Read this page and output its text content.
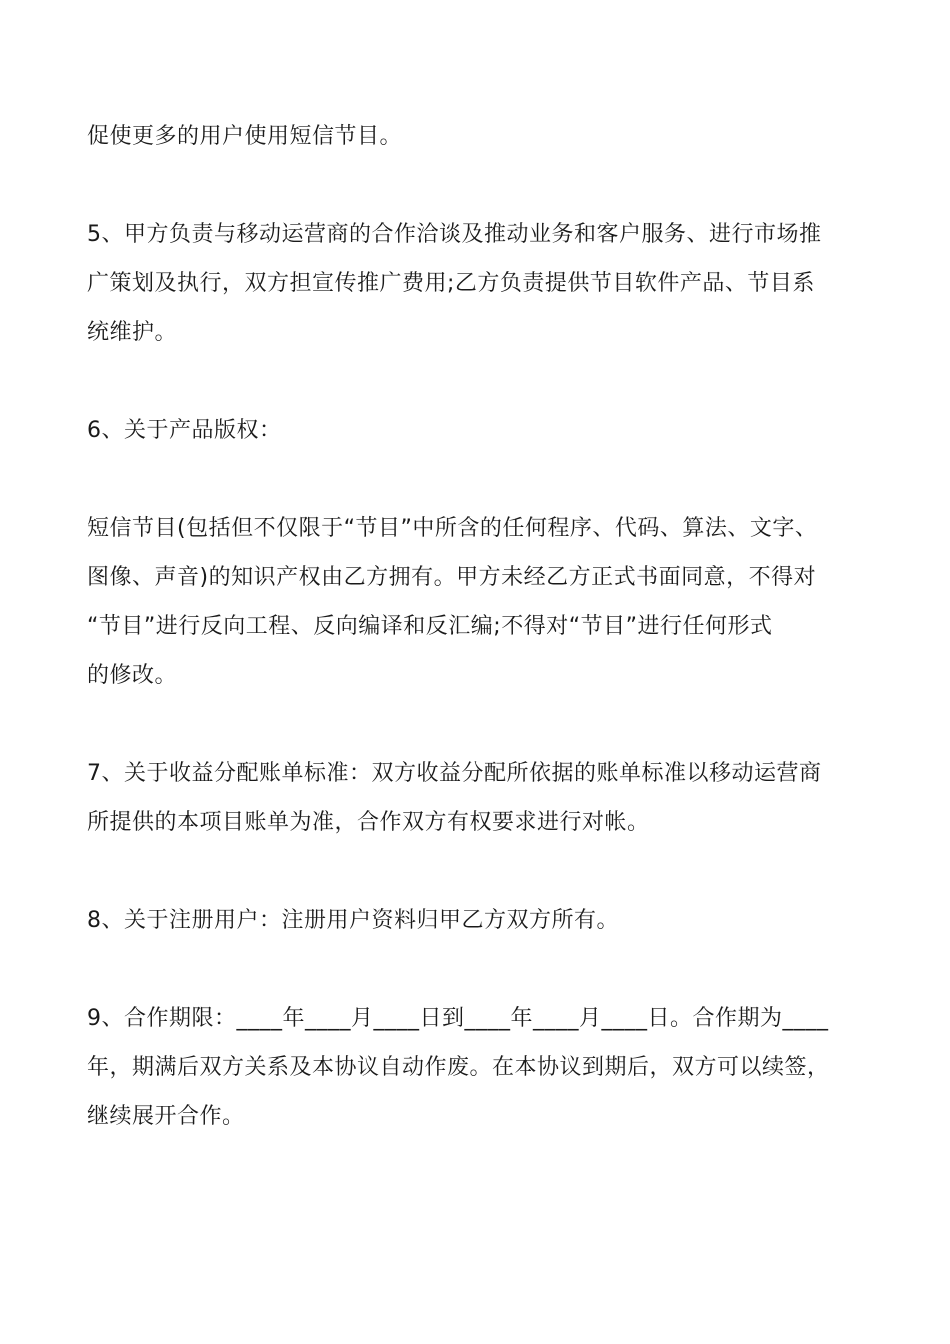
促使更多的用户使用短信节目。

5、甲方负责与移动运营商的合作洽谈及推动业务和客户服务、进行市场推
广策划及执行，双方担宣传推广费用;乙方负责提供节目软件产品、节目系
统维护。

6、关于产品版权：

短信节目(包括但不仅限于“节目”中所含的任何程序、代码、算法、文字、
图像、声音)的知识产权由乙方拥有。甲方未经乙方正式书面同意，不得对
“节目”进行反向工程、反向编译和反汇编;不得对“节目”进行任何形式
的修改。

7、关于收益分配账单标准：双方收益分配所依据的账单标准以移动运营商
所提供的本项目账单为准，合作双方有权要求进行对帐。

8、关于注册用户：注册用户资料归甲乙方双方所有。

9、合作期限：____年____月____日到____年____月____日。合作期为____
年，期满后双方关系及本协议自动作废。在本协议到期后，双方可以续签，
继续展开合作。
